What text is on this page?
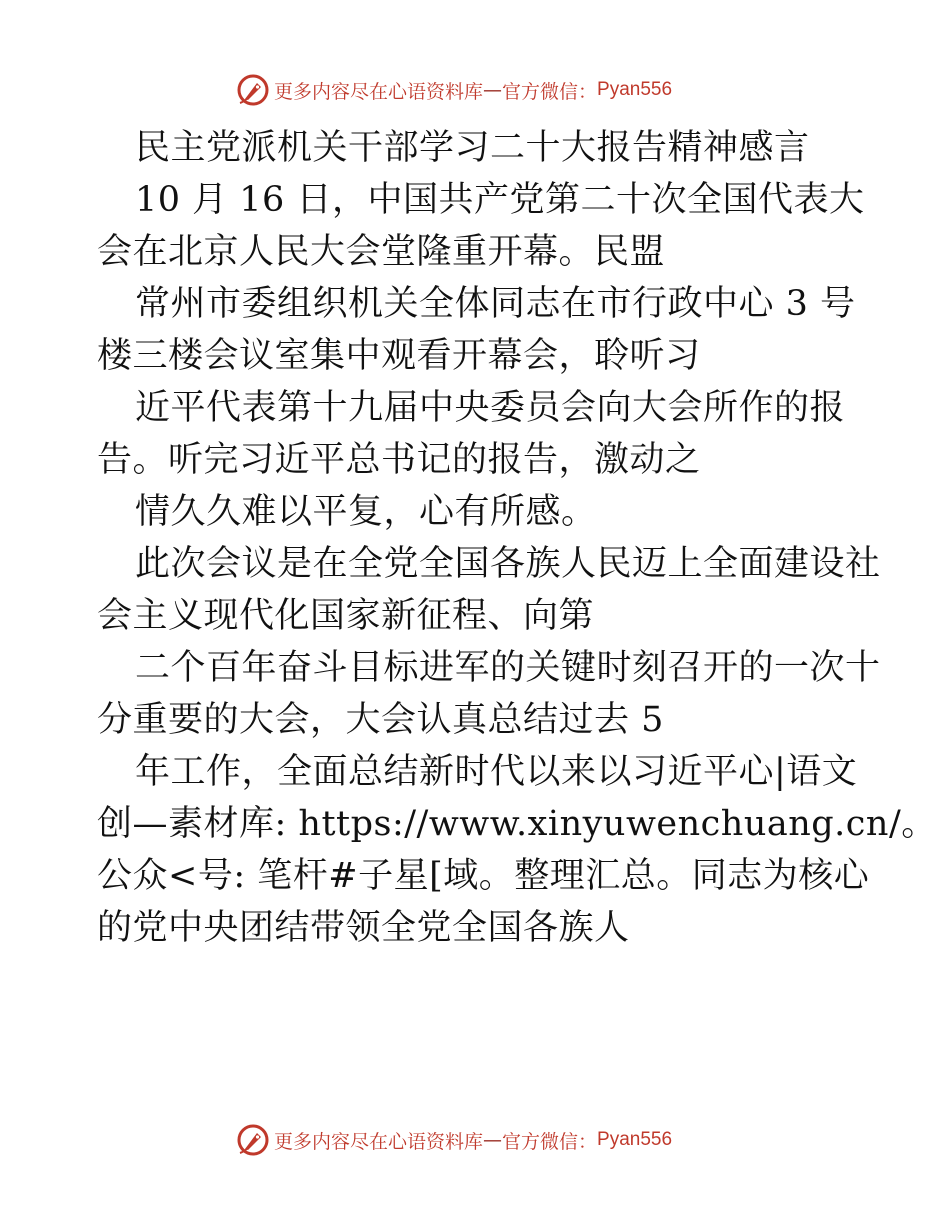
更多内容尽在心语资料库 — 官方微信： Pyan556
民主党派机关干部学习二十大报告精神感言
10 月 16 日，中国共产党第二十次全国代表大
会在北京人民大会堂隆重开幕。民盟
常州市委组织机关全体同志在市行政中心 3 号
楼三楼会议室集中观看开幕会，聆听习
近平代表第十九届中央委员会向大会所作的报
告。听完习近平总书记的报告，激动之
情久久难以平复，心有所感。
此次会议是在全党全国各族人民迈上全面建设社
会主义现代化国家新征程、向第
二个百年奋斗目标进军的关键时刻召开的一次十
分重要的大会，大会认真总结过去 5
年工作，全面总结新时代以来以习近平心|语文
创—素材库: https://www.xinyuwenchuang.cn/。
公众<号: 笔杆#子星[域。整理汇总。同志为核心
的党中央团结带领全党全国各族人
更多内容尽在心语资料库 — 官方微信： Pyan556
